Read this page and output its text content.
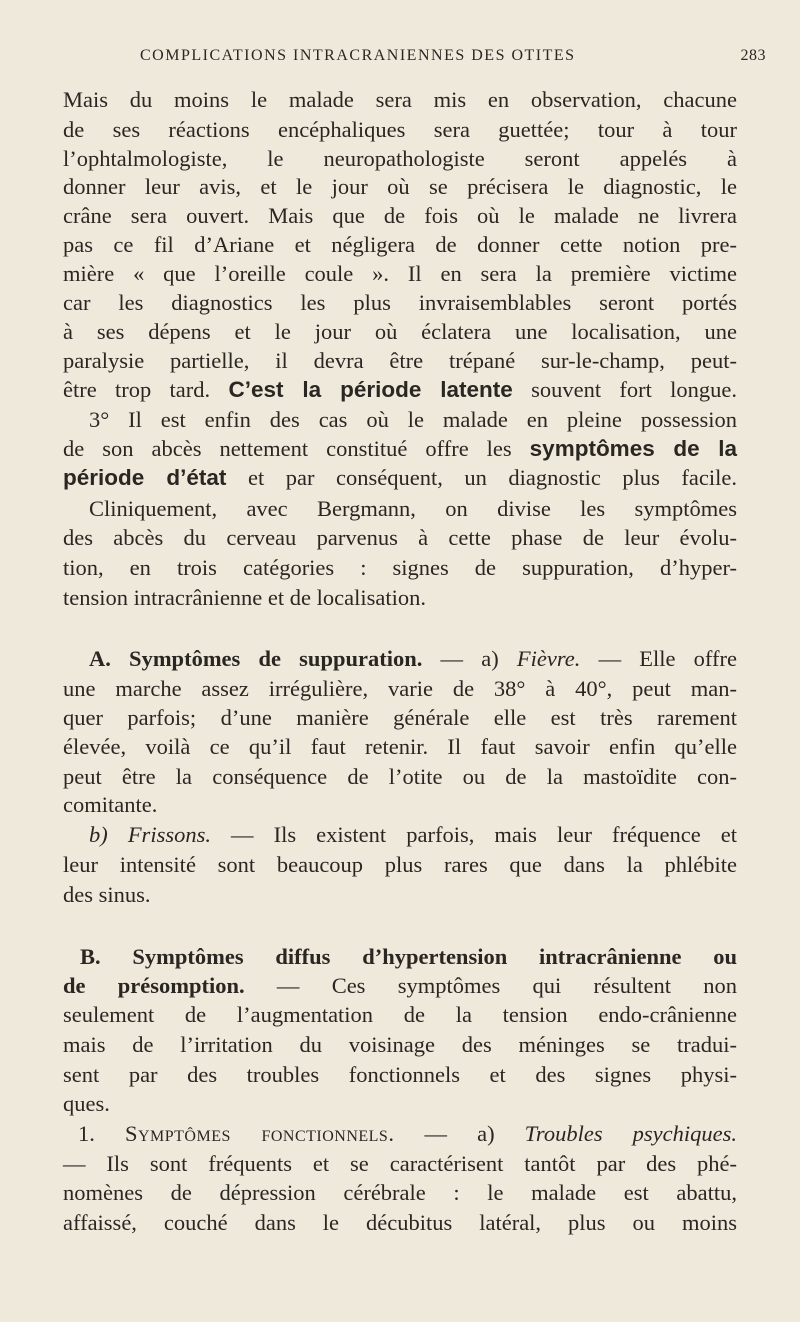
COMPLICATIONS INTRACRANIENNES DES OTITES	283
Mais du moins le malade sera mis en observation, chacune
de ses réactions encéphaliques sera guettée; tour à tour
l’ophtalmologiste, le neuropathologiste seront appelés à
donner leur avis, et le jour où se précisera le diagnostic, le
crâne sera ouvert. Mais que de fois où le malade ne livrera
pas ce fil d’Ariane et négligera de donner cette notion pre-
mière « que l’oreille coule ». Il en sera la première victime
car les diagnostics les plus invraisemblables seront portés
à ses dépens et le jour où éclatera une localisation, une
paralysie partielle, il devra être trépané sur-le-champ, peut-
être trop tard. C’est la période latente souvent fort longue.
3° Il est enfin des cas où le malade en pleine possession
de son abcès nettement constitué offre les symptômes de la
période d’état et par conséquent, un diagnostic plus facile.
Cliniquement, avec Bergmann, on divise les symptômes
des abcès du cerveau parvenus à cette phase de leur évolu-
tion, en trois catégories : signes de suppuration, d’hyper-
tension intracrânienne et de localisation.
A. Symptômes de suppuration. — a) Fièvre. — Elle offre
une marche assez irrégulière, varie de 38° à 40°, peut man-
quer parfois; d’une manière générale elle est très rarement
élevée, voilà ce qu’il faut retenir. Il faut savoir enfin qu’elle
peut être la conséquence de l’otite ou de la mastoïdite con-
comitante.
b) Frissons. — Ils existent parfois, mais leur fréquence et
leur intensité sont beaucoup plus rares que dans la phlébite
des sinus.
B. Symptômes diffus d’hypertension intracrânienne ou
de présomption. — Ces symptômes qui résultent non
seulement de l’augmentation de la tension endo-crânienne
mais de l’irritation du voisinage des méninges se tradui-
sent par des troubles fonctionnels et des signes physi-
ques.
1. Symptômes fonctionnels. — a) Troubles psychiques.
— Ils sont fréquents et se caractérisent tantôt par des phé-
nomènes de dépression cérébrale : le malade est abattu,
affaissé, couché dans le décubitus latéral, plus ou moins
